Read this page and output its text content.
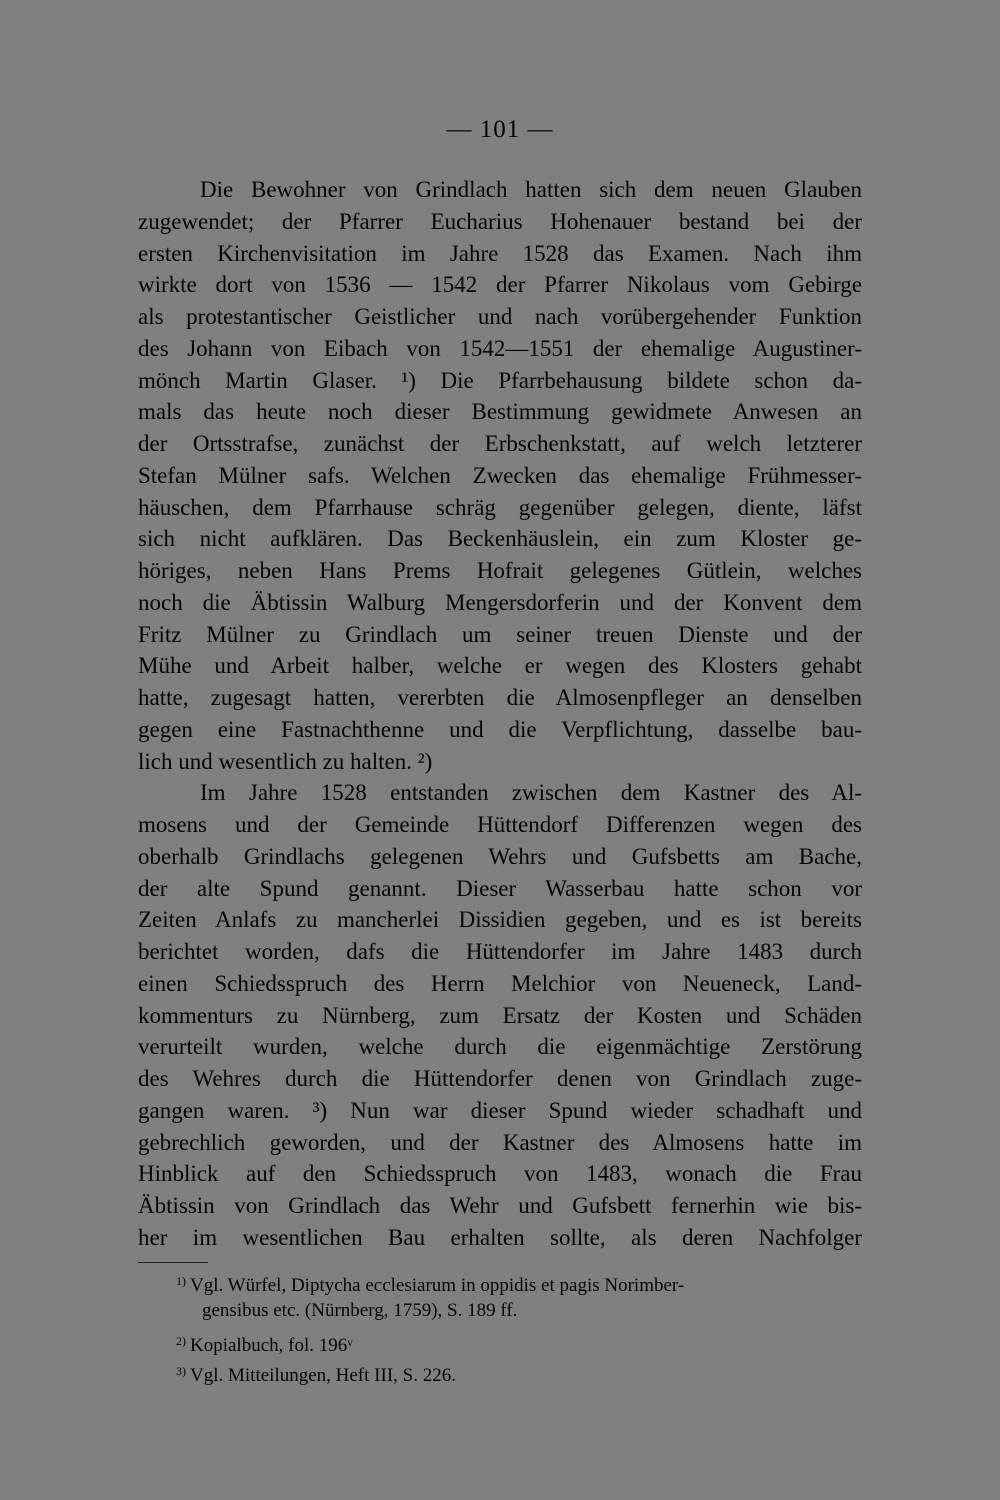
— 101 —
Die Bewohner von Grindlach hatten sich dem neuen Glauben
zugewendet; der Pfarrer Eucharius Hohenauer bestand bei der
ersten Kirchenvisitation im Jahre 1528 das Examen. Nach ihm
wirkte dort von 1536 — 1542 der Pfarrer Nikolaus vom Gebirge
als protestantischer Geistlicher und nach vorübergehender Funktion
des Johann von Eibach von 1542—1551 der ehemalige Augustiner-
mönch Martin Glaser. ¹) Die Pfarrbehausung bildete schon da-
mals das heute noch dieser Bestimmung gewidmete Anwesen an
der Ortsstrafse, zunächst der Erbschenkstatt, auf welch letzterer
Stefan Mülner safs. Welchen Zwecken das ehemalige Frühmesser-
häuschen, dem Pfarrhause schräg gegenüber gelegen, diente, läfst
sich nicht aufklären. Das Beckenhäuslein, ein zum Kloster ge-
höriges, neben Hans Prems Hofrait gelegenes Gütlein, welches
noch die Äbtissin Walburg Mengersdorferin und der Konvent dem
Fritz Mülner zu Grindlach um seiner treuen Dienste und der
Mühe und Arbeit halber, welche er wegen des Klosters gehabt
hatte, zugesagt hatten, vererbten die Almosenpfleger an denselben
gegen eine Fastnachthenne und die Verpflichtung, dasselbe bau-
lich und wesentlich zu halten. ²)
Im Jahre 1528 entstanden zwischen dem Kastner des Al-
mosens und der Gemeinde Hüttendorf Differenzen wegen des
oberhalb Grindlachs gelegenen Wehrs und Gufsbetts am Bache,
der alte Spund genannt. Dieser Wasserbau hatte schon vor
Zeiten Anlafs zu mancherlei Dissidien gegeben, und es ist bereits
berichtet worden, dafs die Hüttendorfer im Jahre 1483 durch
einen Schiedsspruch des Herrn Melchior von Neueneck, Land-
kommenturs zu Nürnberg, zum Ersatz der Kosten und Schäden
verurteilt wurden, welche durch die eigenmächtige Zerstörung
des Wehres durch die Hüttendorfer denen von Grindlach zuge-
gangen waren. ³) Nun war dieser Spund wieder schadhaft und
gebrechlich geworden, und der Kastner des Almosens hatte im
Hinblick auf den Schiedsspruch von 1483, wonach die Frau
Äbtissin von Grindlach das Wehr und Gufsbett fernerhin wie bis-
her im wesentlichen Bau erhalten sollte, als deren Nachfolger
$^{1)}$ Vgl. Würfel, Diptycha ecclesiarum in oppidis et pagis Norimber-
gensibus etc. (Nürnberg, 1759), S. 189 ff.
$^{2)}$ Kopialbuch, fol. 196ᵛ
$^{3)}$ Vgl. Mitteilungen, Heft III, S. 226.
